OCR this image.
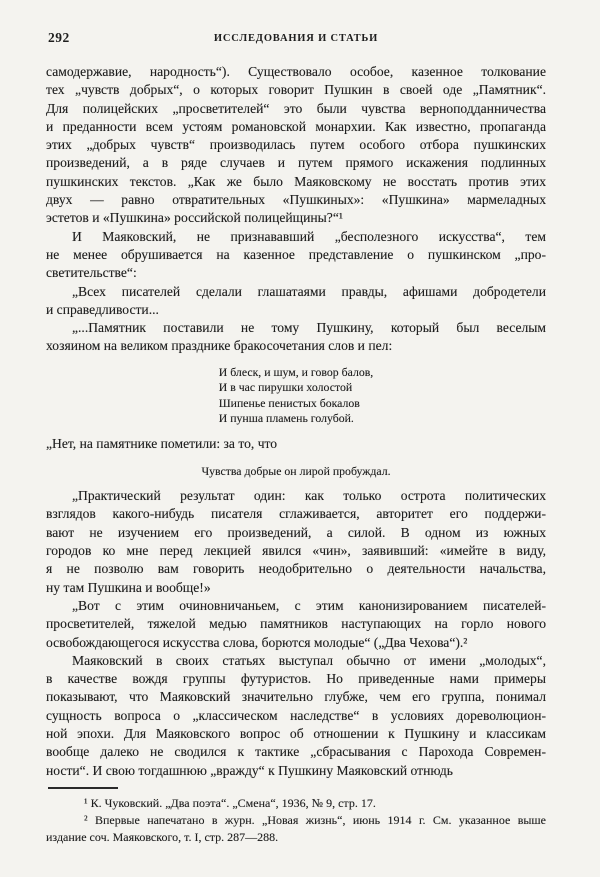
292	ИССЛЕДОВАНИЯ И СТАТЬИ
самодержавие, народность“). Существовало особое, казенное толкование
тех „чувств добрых“, о которых говорит Пушкин в своей оде „Памятник“.
Для полицейских „просветителей“ это были чувства верноподданничества
и преданности всем устоям романовской монархии. Как известно, пропаганда
этих „добрых чувств“ производилась путем особого отбора пушкинских
произведений, а в ряде случаев и путем прямого искажения подлинных
пушкинских текстов. „Как же было Маяковскому не восстать против этих
двух — равно отвратительных «Пушкиных»: «Пушкина» мармеладных
эстетов и «Пушкина» российской полицейщины?“¹
И Маяковский, не признававший „бесполезного искусства“, тем
не менее обрушивается на казенное представление о пушкинском „про-
светительстве“:
„Всех писателей сделали глашатаями правды, афишами добродетели
и справедливости...
„...Памятник поставили не тому Пушкину, который был веселым
хозяином на великом празднике бракосочетания слов и пел:
И блеск, и шум, и говор балов,
И в час пирушки холостой
Шипенье пенистых бокалов
И пунша пламень голубой.
„Нет, на памятнике пометили: за то, что
Чувства добрые он лирой пробуждал.
„Практический результат один: как только острота политических
взглядов какого-нибудь писателя сглаживается, авторитет его поддержи-
вают не изучением его произведений, а силой. В одном из южных
городов ко мне перед лекцией явился «чин», заявивший: «имейте в виду,
я не позволю вам говорить неодобрительно о деятельности начальства,
ну там Пушкина и вообще!»
„Вот с этим очиновничаньем, с этим канонизированием писателей-
просветителей, тяжелой медью памятников наступающих на горло нового
освобождающегося искусства слова, борются молодые“ („Два Чехова“).²
Маяковский в своих статьях выступал обычно от имени „молодых“,
в качестве вождя группы футуристов. Но приведенные нами примеры
показывают, что Маяковский значительно глубже, чем его группа, понимал
сущность вопроса о „классическом наследстве“ в условиях дореволюцион-
ной эпохи. Для Маяковского вопрос об отношении к Пушкину и классикам
вообще далеко не сводился к тактике „сбрасывания с Парохода Современ-
ности“. И свою тогдашнюю „вражду“ к Пушкину Маяковский отнюдь
¹ К. Чуковский. „Два поэта“. „Смена“, 1936, № 9, стр. 17.
² Впервые напечатано в журн. „Новая жизнь“, июнь 1914 г. См. указанное выше
издание соч. Маяковского, т. I, стр. 287—288.
